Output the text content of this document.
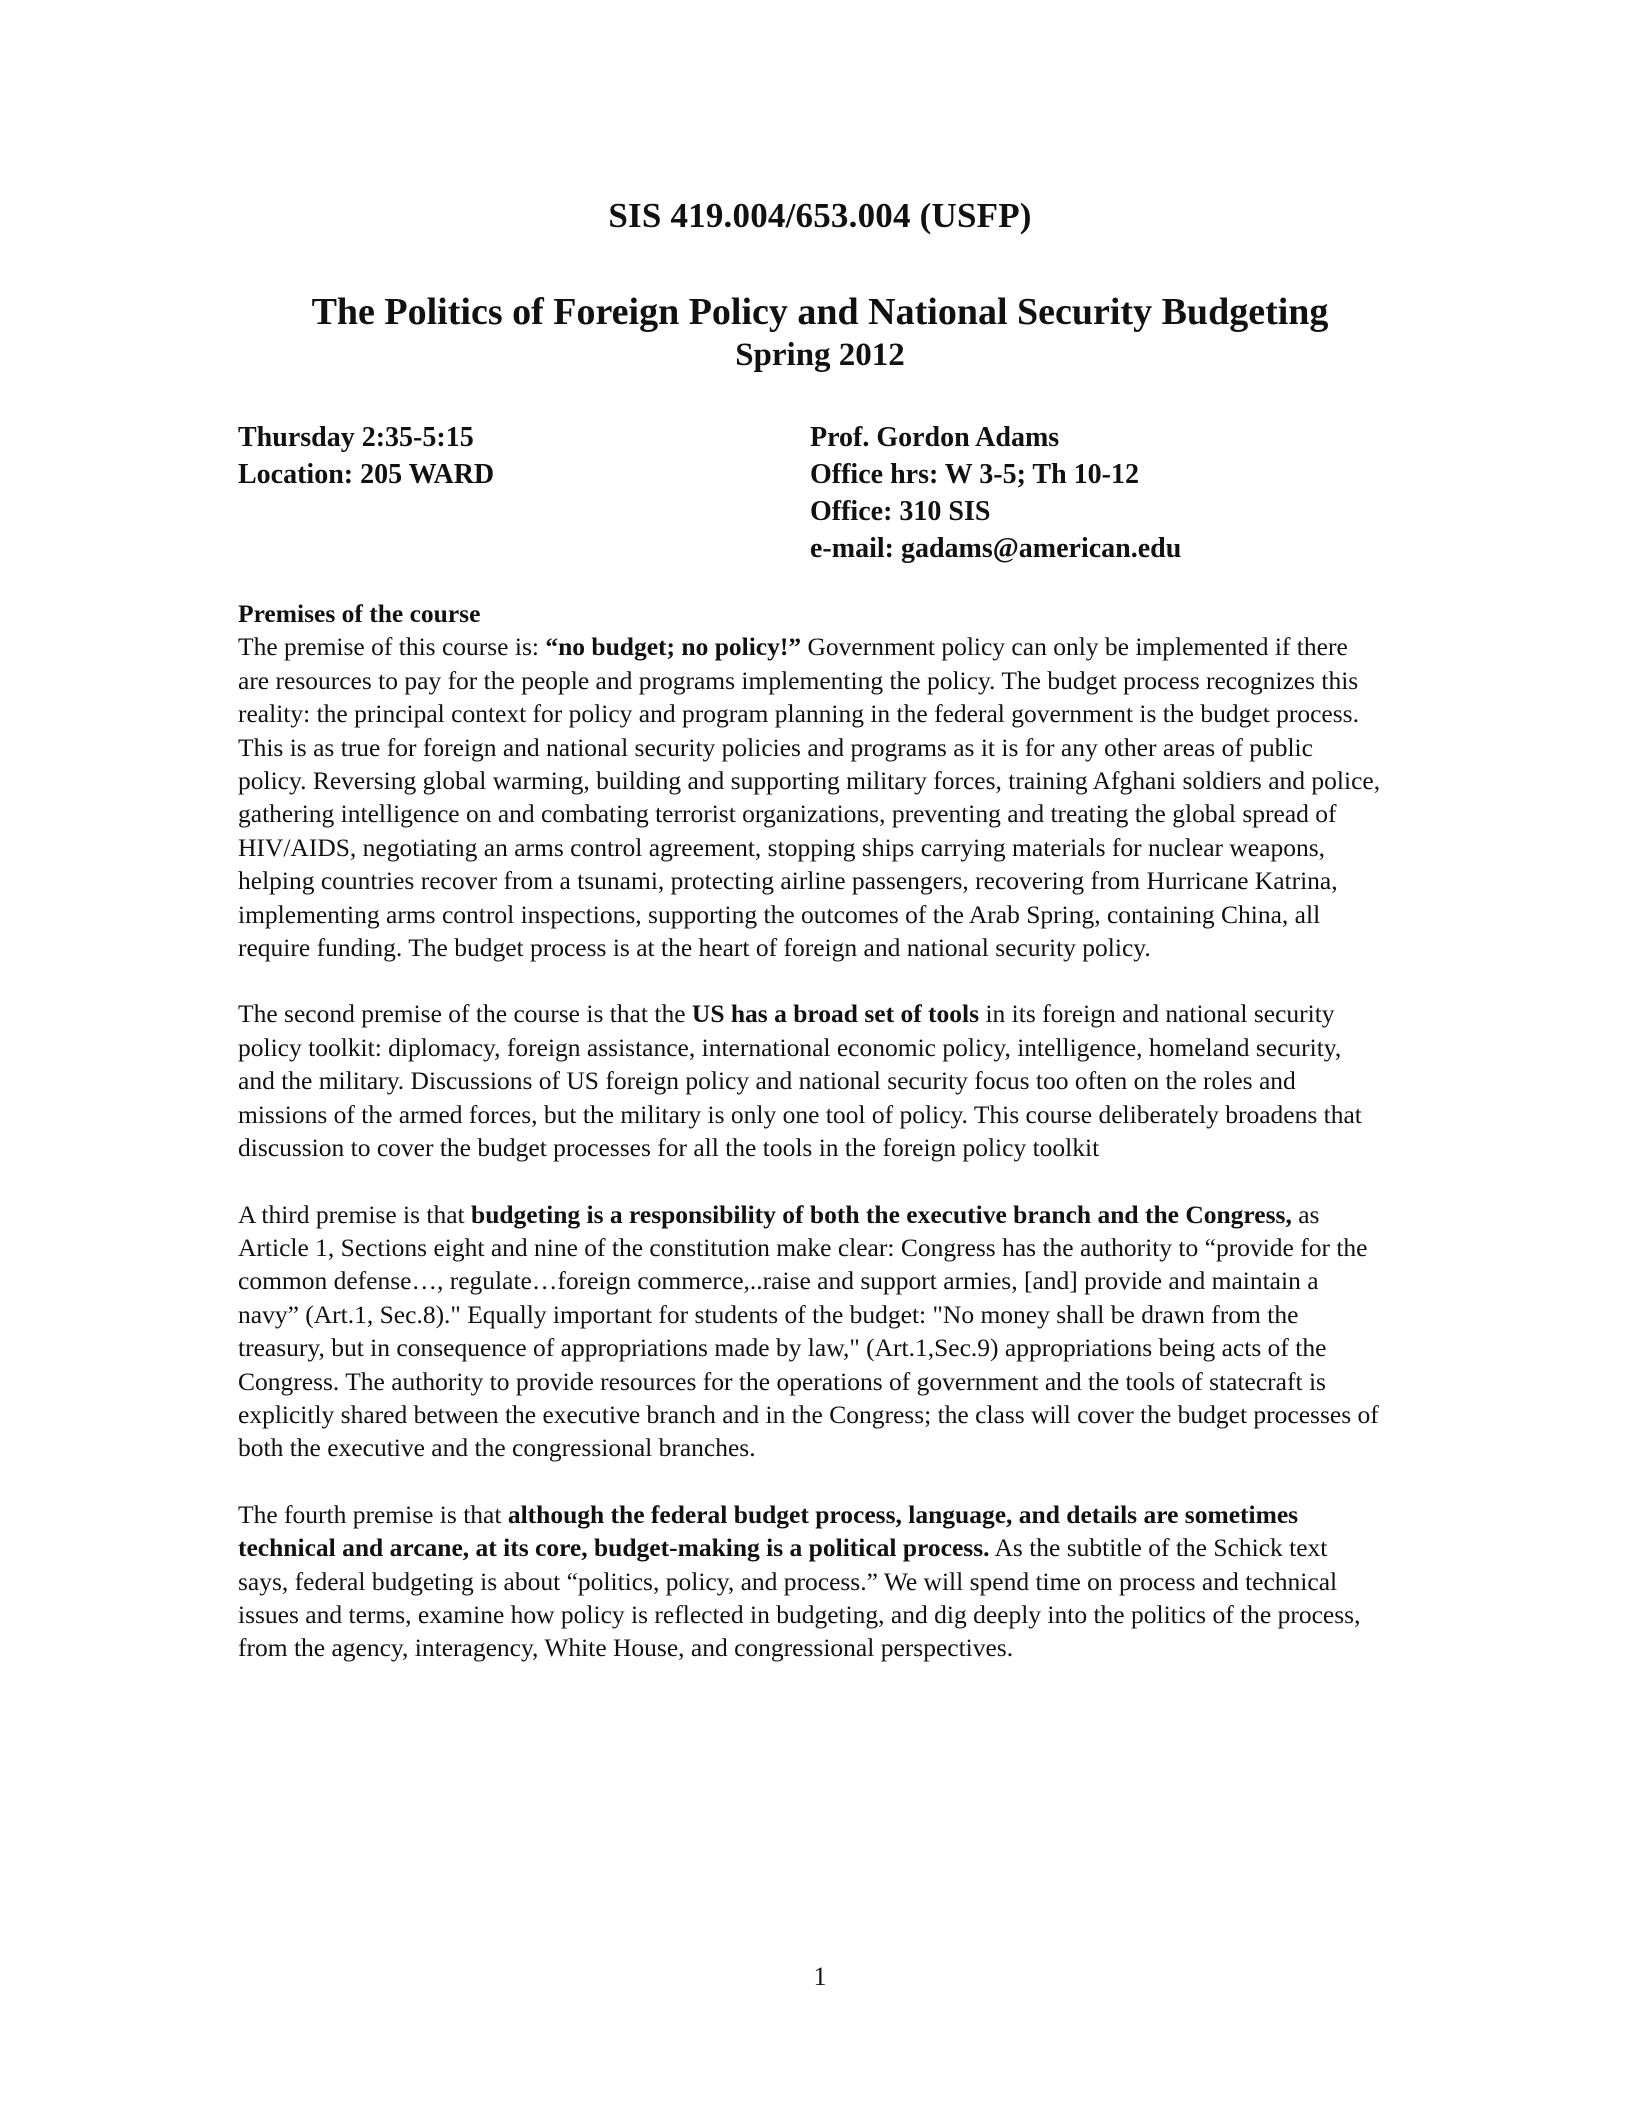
SIS 419.004/653.004 (USFP)
The Politics of Foreign Policy and National Security Budgeting
Spring 2012
Thursday 2:35-5:15
Location: 205 WARD
Prof. Gordon Adams
Office hrs: W 3-5; Th 10-12
Office: 310 SIS
e-mail: gadams@american.edu
Premises of the course

The premise of this course is: “no budget; no policy!” Government policy can only be implemented if there are resources to pay for the people and programs implementing the policy. The budget process recognizes this reality: the principal context for policy and program planning in the federal government is the budget process. This is as true for foreign and national security policies and programs as it is for any other areas of public policy. Reversing global warming, building and supporting military forces, training Afghani soldiers and police, gathering intelligence on and combating terrorist organizations, preventing and treating the global spread of HIV/AIDS, negotiating an arms control agreement, stopping ships carrying materials for nuclear weapons, helping countries recover from a tsunami, protecting airline passengers, recovering from Hurricane Katrina, implementing arms control inspections, supporting the outcomes of the Arab Spring, containing China, all require funding. The budget process is at the heart of foreign and national security policy.

The second premise of the course is that the US has a broad set of tools in its foreign and national security policy toolkit: diplomacy, foreign assistance, international economic policy, intelligence, homeland security, and the military. Discussions of US foreign policy and national security focus too often on the roles and missions of the armed forces, but the military is only one tool of policy. This course deliberately broadens that discussion to cover the budget processes for all the tools in the foreign policy toolkit

A third premise is that budgeting is a responsibility of both the executive branch and the Congress, as Article 1, Sections eight and nine of the constitution make clear: Congress has the authority to “provide for the common defense…, regulate…foreign commerce,..raise and support armies, [and] provide and maintain a navy” (Art.1, Sec.8)." Equally important for students of the budget: "No money shall be drawn from the treasury, but in consequence of appropriations made by law," (Art.1,Sec.9) appropriations being acts of the Congress. The authority to provide resources for the operations of government and the tools of statecraft is explicitly shared between the executive branch and in the Congress; the class will cover the budget processes of both the executive and the congressional branches.

The fourth premise is that although the federal budget process, language, and details are sometimes technical and arcane, at its core, budget-making is a political process. As the subtitle of the Schick text says, federal budgeting is about “politics, policy, and process.” We will spend time on process and technical issues and terms, examine how policy is reflected in budgeting, and dig deeply into the politics of the process, from the agency, interagency, White House, and congressional perspectives.

1
